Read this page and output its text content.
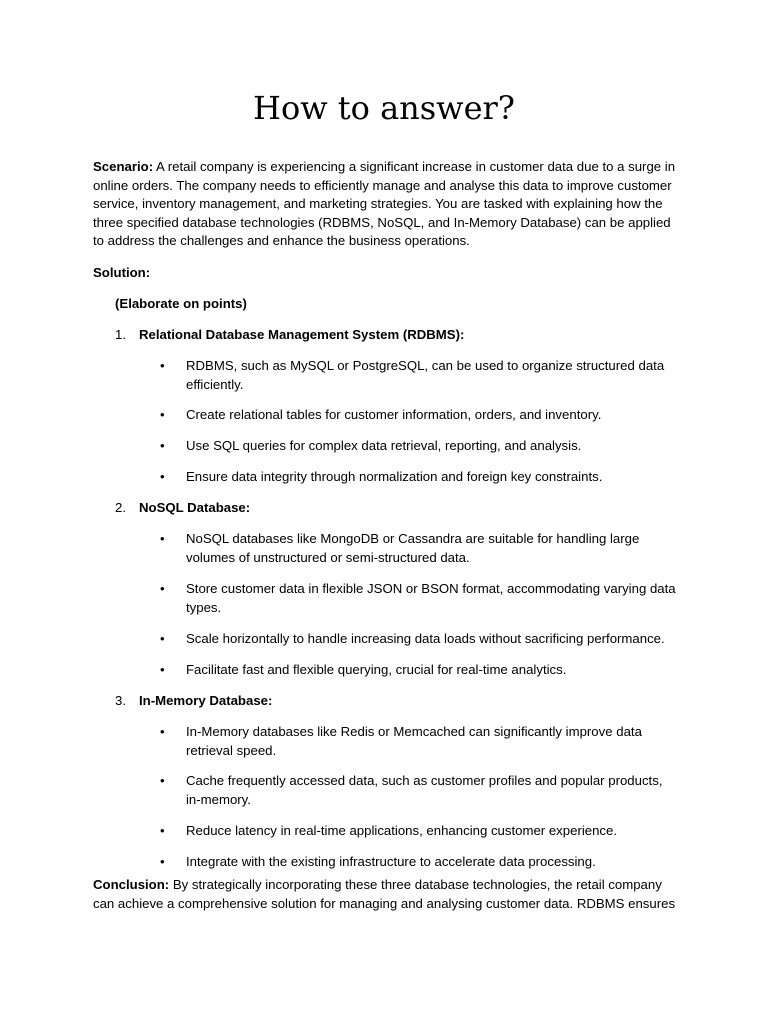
How to answer?

Scenario: A retail company is experiencing a significant increase in customer data due to a surge in online orders. The company needs to efficiently manage and analyse this data to improve customer service, inventory management, and marketing strategies. You are tasked with explaining how the three specified database technologies (RDBMS, NoSQL, and In-Memory Database) can be applied to address the challenges and enhance the business operations.

Solution:

(Elaborate on points)

1. Relational Database Management System (RDBMS):

•	RDBMS, such as MySQL or PostgreSQL, can be used to organize structured data efficiently.
•	Create relational tables for customer information, orders, and inventory.
•	Use SQL queries for complex data retrieval, reporting, and analysis.
•	Ensure data integrity through normalization and foreign key constraints.

2. NoSQL Database:

•	NoSQL databases like MongoDB or Cassandra are suitable for handling large volumes of unstructured or semi-structured data.
•	Store customer data in flexible JSON or BSON format, accommodating varying data types.
•	Scale horizontally to handle increasing data loads without sacrificing performance.
•	Facilitate fast and flexible querying, crucial for real-time analytics.

3. In-Memory Database:

•	In-Memory databases like Redis or Memcached can significantly improve data retrieval speed.
•	Cache frequently accessed data, such as customer profiles and popular products, in-memory.
•	Reduce latency in real-time applications, enhancing customer experience.
•	Integrate with the existing infrastructure to accelerate data processing.

Conclusion: By strategically incorporating these three database technologies, the retail company can achieve a comprehensive solution for managing and analysing customer data. RDBMS ensures
